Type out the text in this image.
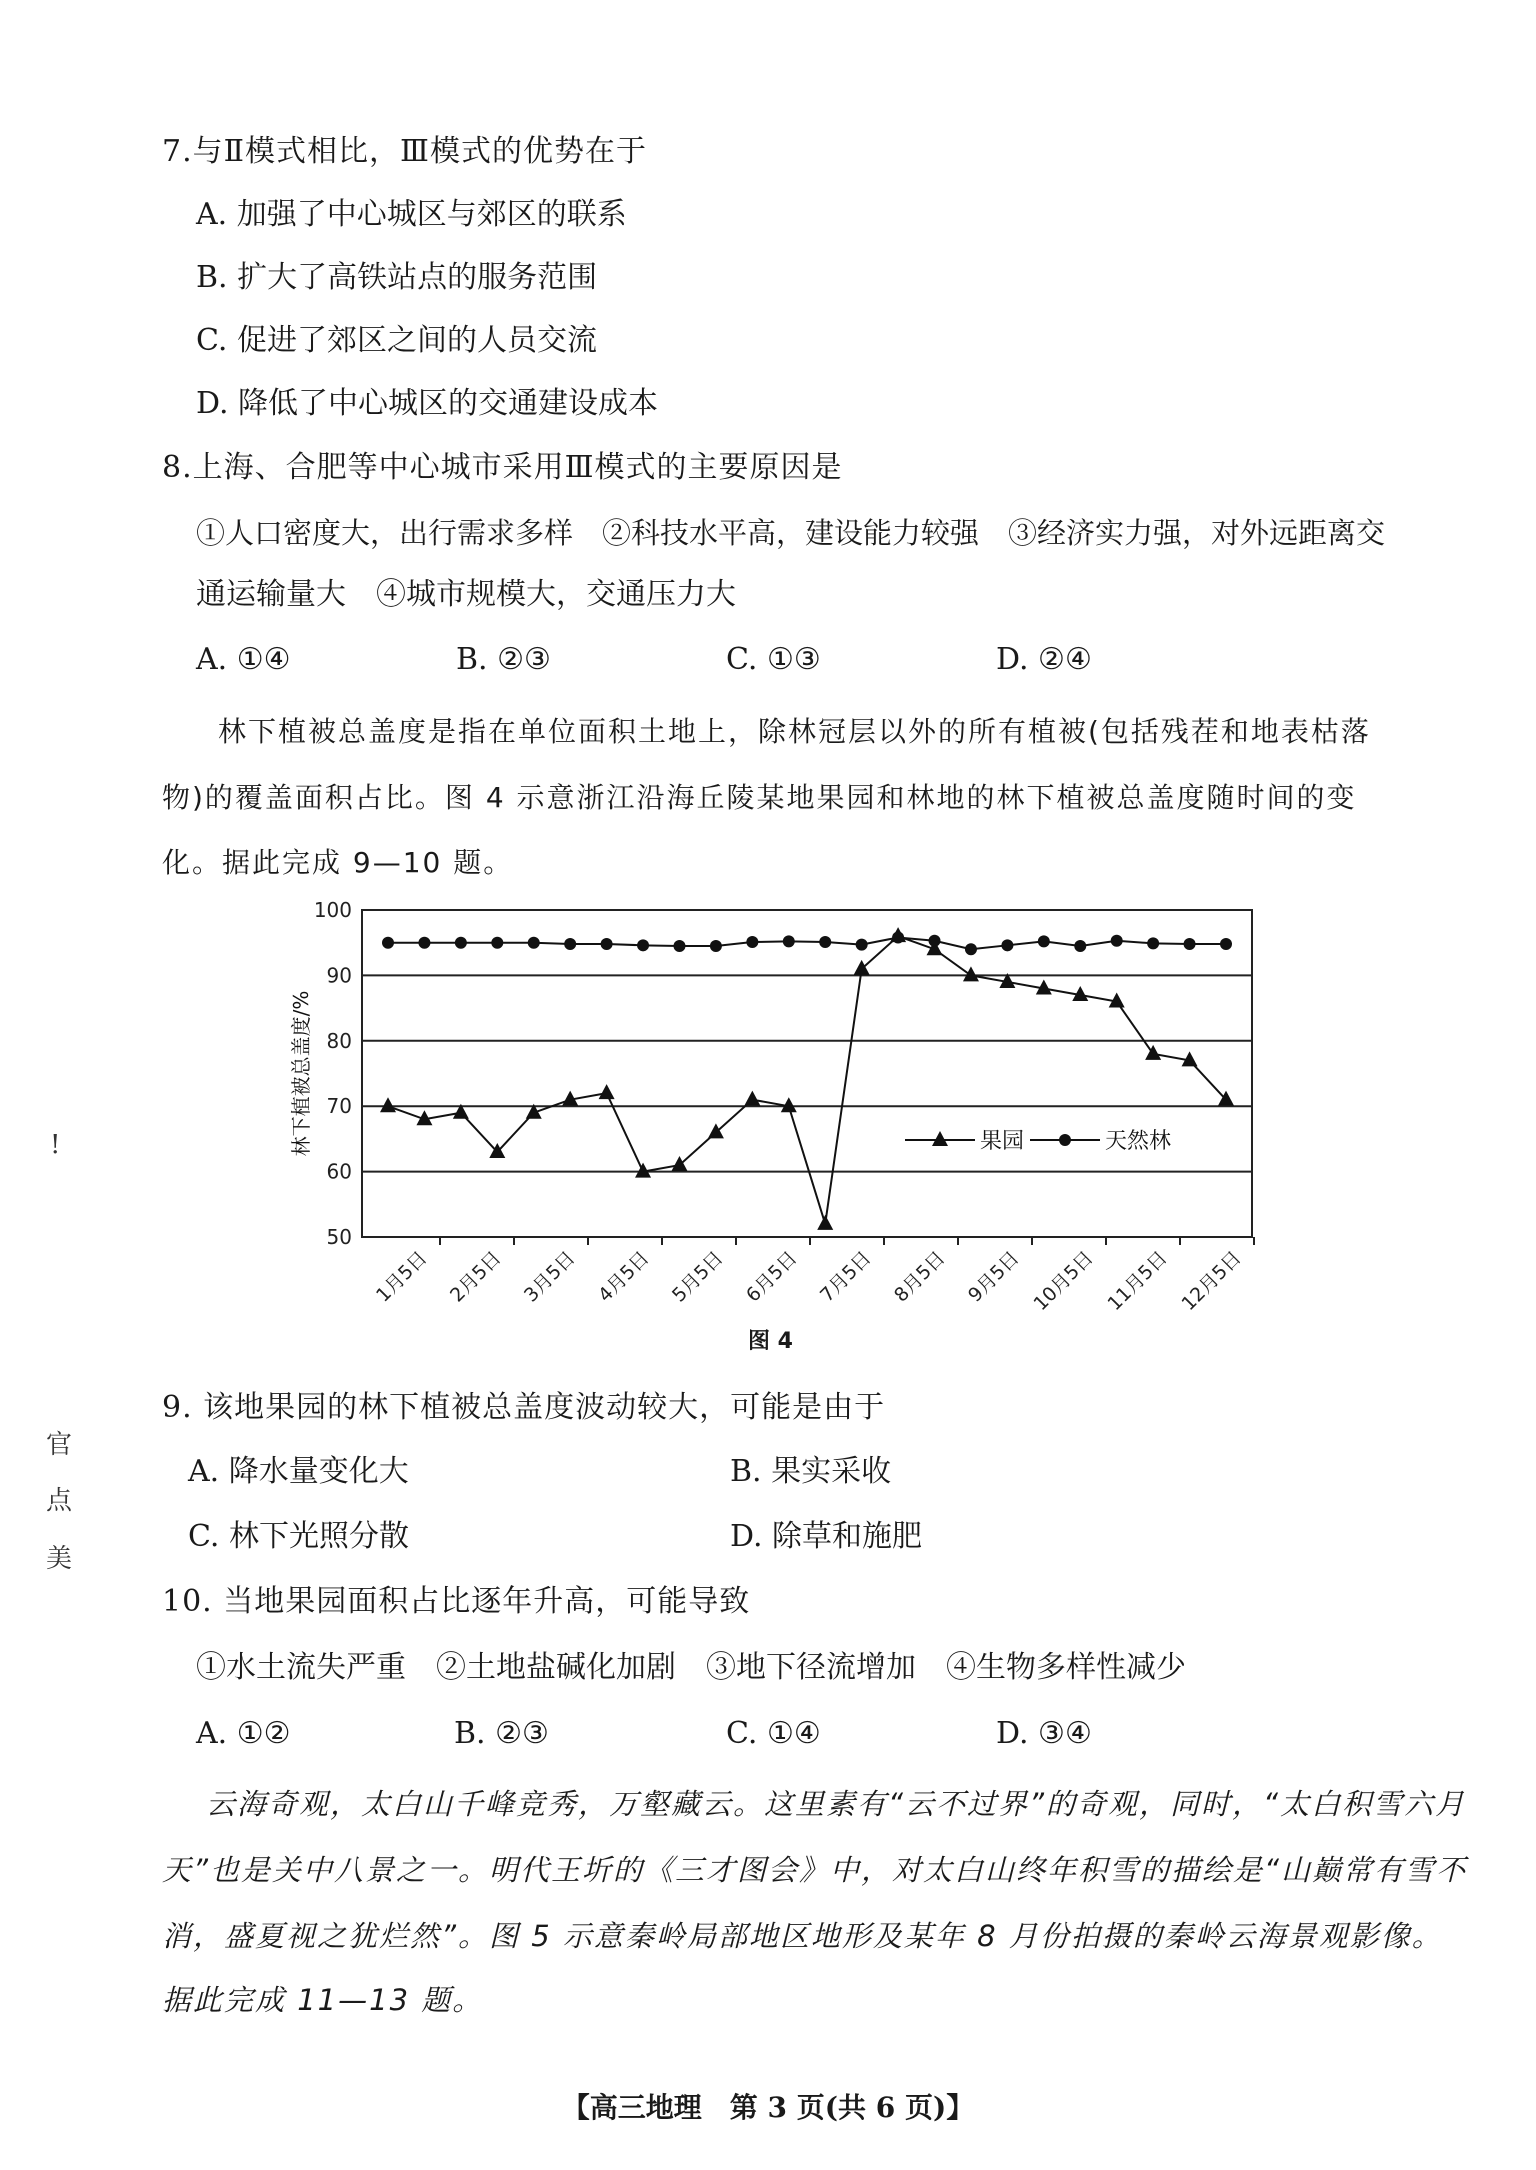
7.与Ⅱ模式相比，Ⅲ模式的优势在于
A. 加强了中心城区与郊区的联系
B. 扩大了高铁站点的服务范围
C. 促进了郊区之间的人员交流
D. 降低了中心城区的交通建设成本
8.上海、合肥等中心城市采用Ⅲ模式的主要原因是
①人口密度大，出行需求多样　②科技水平高，建设能力较强　③经济实力强，对外远距离交
通运输量大　④城市规模大，交通压力大
A. ①④	B. ②③	C. ①③	D. ②④
林下植被总盖度是指在单位面积土地上，除林冠层以外的所有植被(包括残茬和地表枯落
物)的覆盖面积占比。图 4 示意浙江沿海丘陵某地果园和林地的林下植被总盖度随时间的变
化。据此完成 9—10 题。
50
60
70
80
90
100
1月5日 2月5日 3月5日 4月5日 5月5日 6月5日 7月5日 8月5日 9月5日 10月5日 11月5日 12月5日
果园	天然林
林下植被总盖度/%
图 4
9. 该地果园的林下植被总盖度波动较大，可能是由于
A. 降水量变化大	B. 果实采收
C. 林下光照分散	D. 除草和施肥
10. 当地果园面积占比逐年升高，可能导致
①水土流失严重　②土地盐碱化加剧　③地下径流增加　④生物多样性减少
A. ①②	B. ②③	C. ①④	D. ③④
云海奇观，太白山千峰竞秀，万壑藏云。这里素有“云不过界”的奇观，同时，“太白积雪六月
天”也是关中八景之一。明代王圻的《三才图会》中，对太白山终年积雪的描绘是“山巅常有雪不
消，盛夏视之犹烂然”。图 5 示意秦岭局部地区地形及某年 8 月份拍摄的秦岭云海景观影像。
据此完成 11—13 题。
【高三地理　第 3 页(共 6 页)】
!
官
点
美
